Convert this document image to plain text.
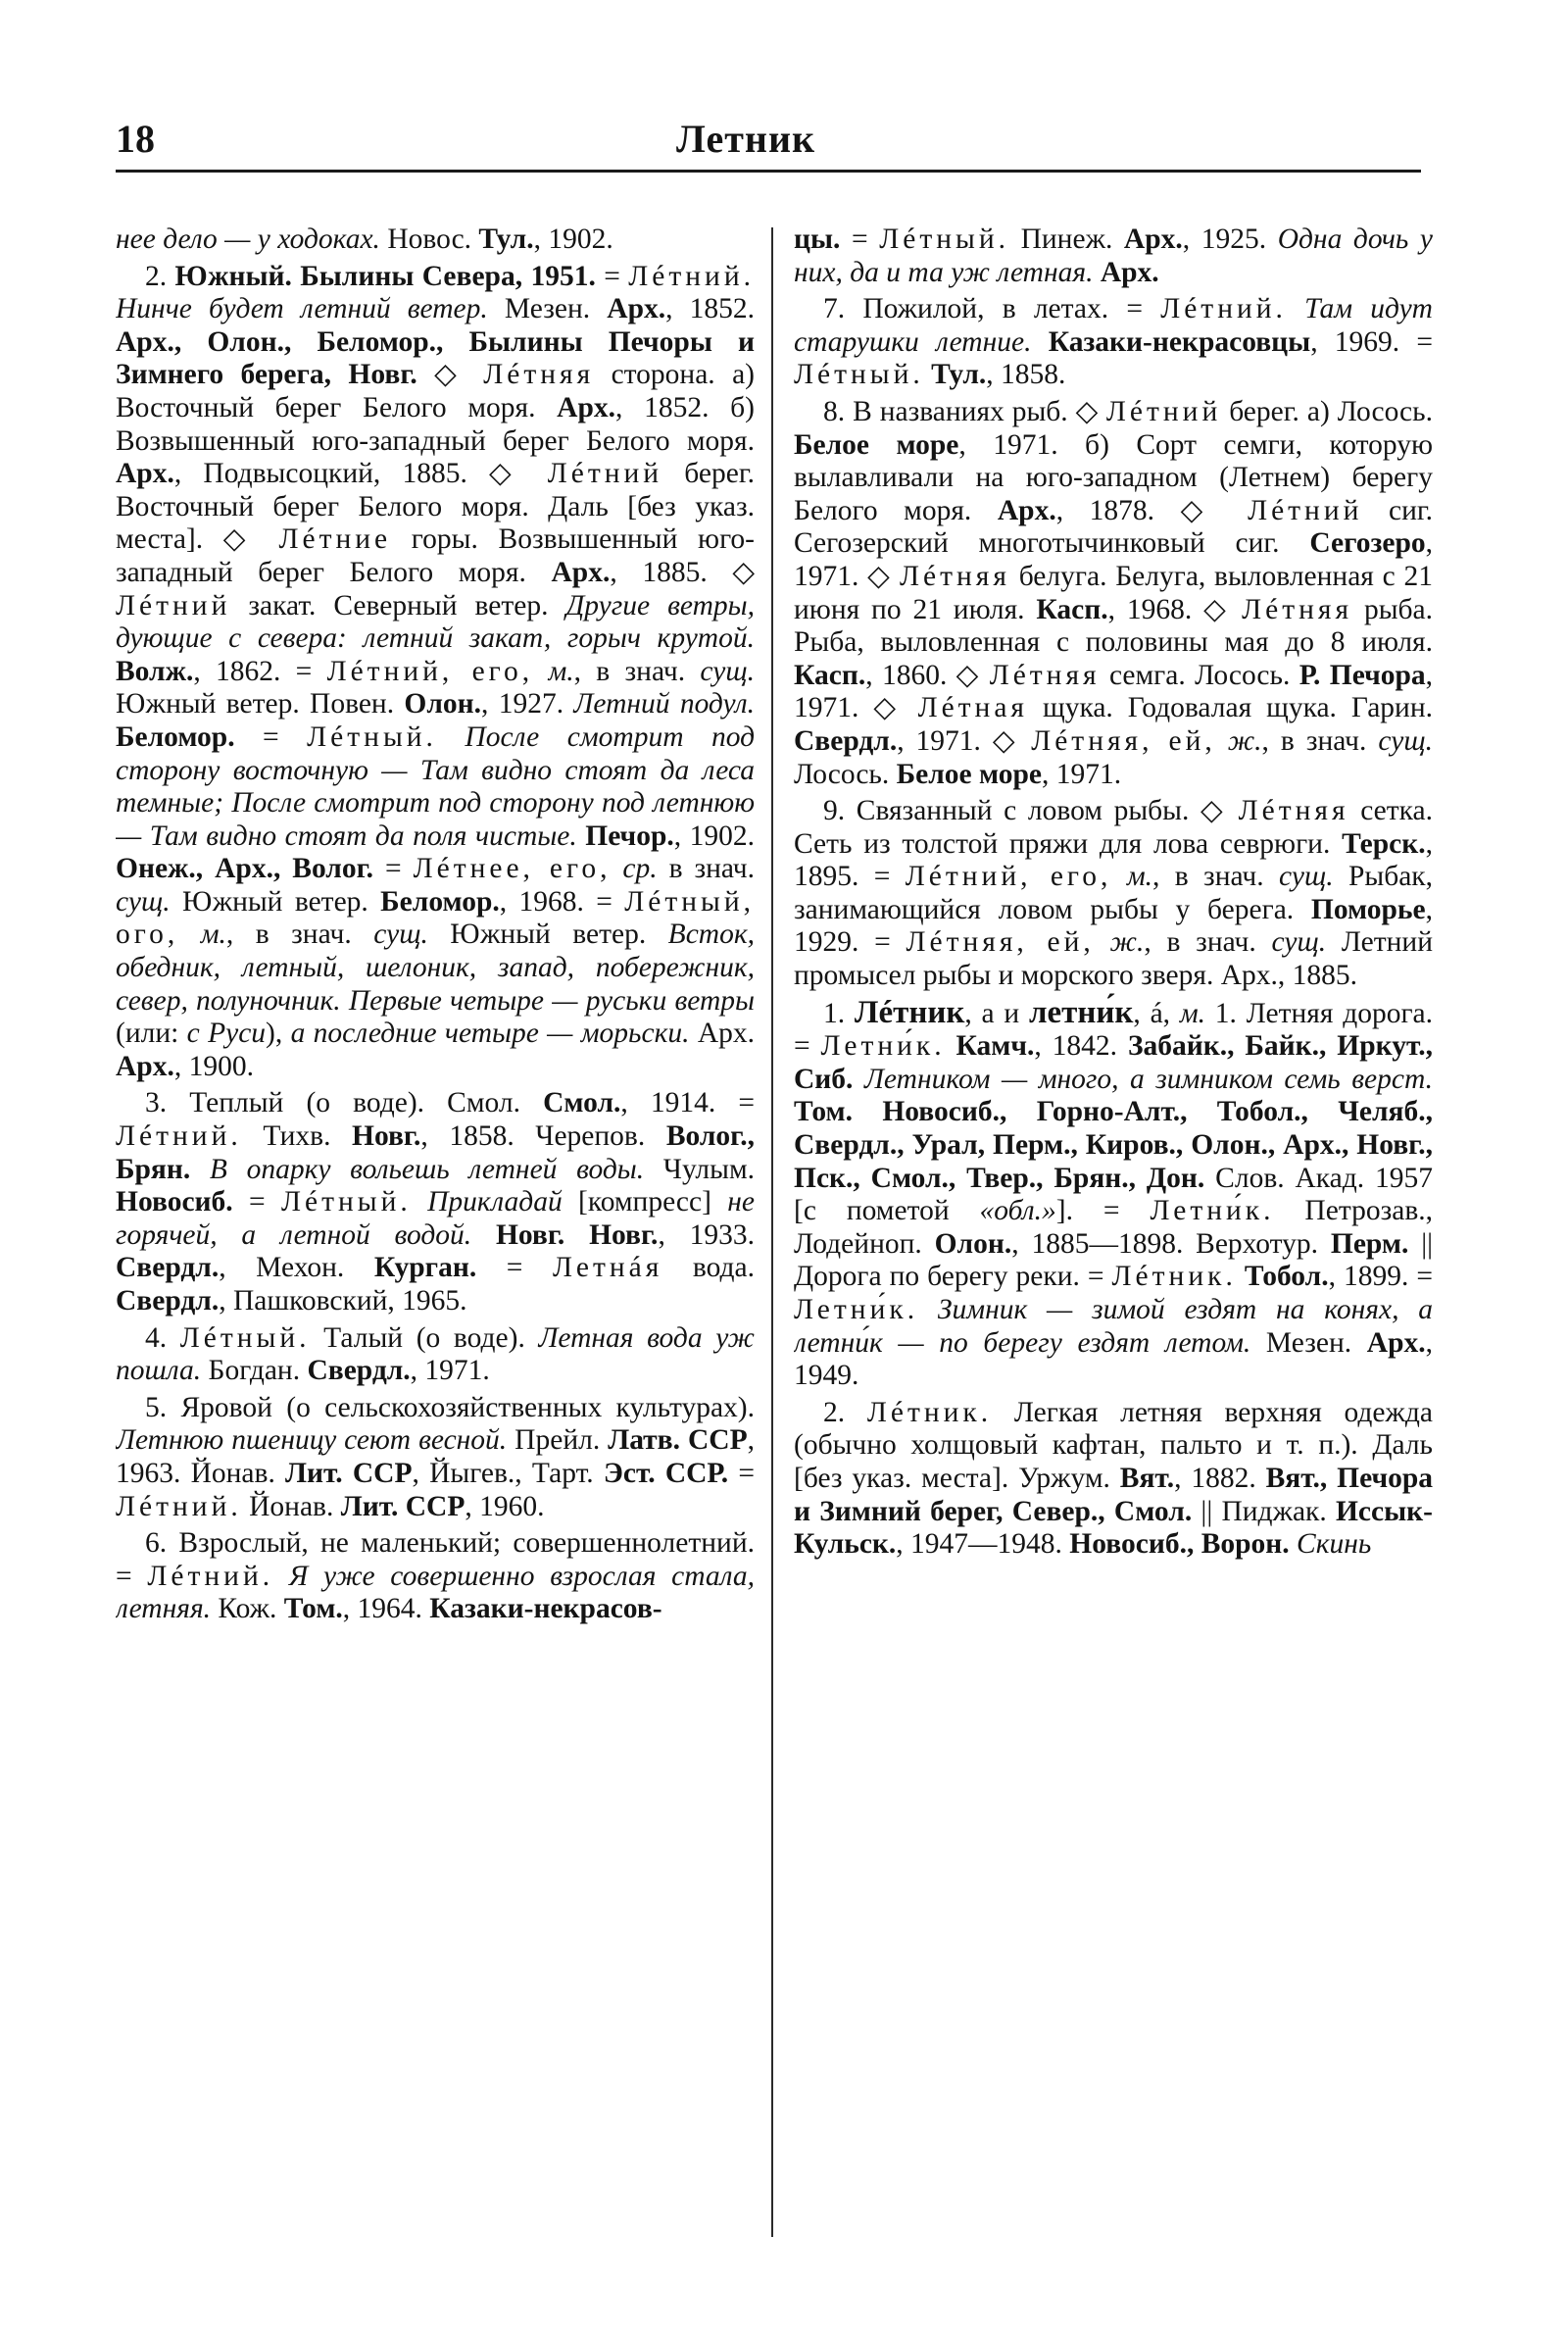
18	Летник

нее дело — у ходоках. Новос. Тул., 1902.

2. Южный. Былины Севера, 1951. = Лéтний. Нинче будет летний ветер. Мезен. Арх., 1852. Арх., Олон., Беломор., Былины Печоры и Зимнего берега, Новг. ◇ Лéтняя сторона. а) Восточный берег Белого моря. Арх., 1852. б) Возвышенный юго-западный берег Белого моря. Арх., Подвысоцкий, 1885. ◇ Лéтний берег. Восточный берег Белого моря. Даль [без указ. места]. ◇ Лéтние горы. Возвышенный юго-западный берег Белого моря. Арх., 1885. ◇ Лéтний закат. Северный ветер. Другие ветры, дующие с севера: летний закат, горыч крутой. Волж., 1862. = Лéтний, его, м., в знач. сущ. Южный ветер. Повен. Олон., 1927. Летний подул. Беломор. = Лéтный. После смотрит под сторону восточную — Там видно стоят да леса темные; После смотрит под сторону под летнюю — Там видно стоят да поля чистые. Печор., 1902. Онеж., Арх., Волог. = Лéтнее, его, ср. в знач. сущ. Южный ветер. Беломор., 1968. = Лéтный, ого, м., в знач. сущ. Южный ветер. Всток, обедник, летный, шелоник, запад, побережник, север, полуночник. Первые четыре — руськи ветры (или: с Руси), а последние четыре — морьски. Арх. Арх., 1900.

3. Теплый (о воде). Смол. Смол., 1914. = Лéтний. Тихв. Новг., 1858. Черепов. Волог., Брян. В опарку вольешь летней воды. Чулым. Новосиб. = Лéтный. Прикладай [компресс] не горячей, а летной водой. Новг. Новг., 1933. Свердл., Мехон. Курган. = Летнáя вода. Свердл., Пашковский, 1965.

4. Лéтный. Талый (о воде). Летная вода уж пошла. Богдан. Свердл., 1971.

5. Яровой (о сельскохозяйственных культурах). Летнюю пшеницу сеют весной. Прейл. Латв. ССР, 1963. Йонав. Лит. ССР, Йыгев., Тарт. Эст. ССР. = Лéтний. Йонав. Лит. ССР, 1960.

6. Взрослый, не маленький; совершеннолетний. = Лéтний. Я уже совершенно взрослая стала, летняя. Кож. Том., 1964. Казаки-некрасов-

цы. = Лéтный. Пинеж. Арх., 1925. Одна дочь у них, да и та уж летная. Арх.

7. Пожилой, в летах. = Лéтний. Там идут старушки летние. Казаки-некрасовцы, 1969. = Лéтный. Тул., 1858.

8. В названиях рыб. ◇ Лéтний берег. а) Лосось. Белое море, 1971. б) Сорт семги, которую вылавливали на юго-западном (Летнем) берегу Белого моря. Арх., 1878. ◇ Лéтний сиг. Сегозерский многотычинковый сиг. Сегозеро, 1971. ◇ Лéтняя белуга. Белуга, выловленная с 21 июня по 21 июля. Касп., 1968. ◇ Лéтняя рыба. Рыба, выловленная с половины мая до 8 июля. Касп., 1860. ◇ Лéтняя семга. Лосось. Р. Печора, 1971. ◇ Лéтная щука. Годовалая щука. Гарин. Свердл., 1971. ◇ Лéтняя, ей, ж., в знач. сущ. Лосось. Белое море, 1971.

9. Связанный с ловом рыбы. ◇ Лéтняя сетка. Сеть из толстой пряжи для лова севрюги. Терск., 1895. = Лéтний, его, м., в знач. сущ. Рыбак, занимающийся ловом рыбы у берега. Поморье, 1929. = Лéтняя, ей, ж., в знач. сущ. Летний промысел рыбы и морского зверя. Арх., 1885.

1. Лéтник, а и летни́к, á, м. 1. Летняя дорога. = Летни́к. Камч., 1842. Забайк., Байк., Иркут., Сиб. Летником — много, а зимником семь верст. Том. Новосиб., Горно-Алт., Тобол., Челяб., Свердл., Урал, Перм., Киров., Олон., Арх., Новг., Пск., Смол., Твер., Брян., Дон. Слов. Акад. 1957 [с пометой «обл.»]. = Летни́к. Петрозав., Лодейноп. Олон., 1885—1898. Верхотур. Перм. || Дорога по берегу реки. = Лéтник. Тобол., 1899. = Летни́к. Зимник — зимой ездят на конях, а летни́к — по берегу ездят летом. Мезен. Арх., 1949.

2. Лéтник. Легкая летняя верхняя одежда (обычно холщовый кафтан, пальто и т. п.). Даль [без указ. места]. Уржум. Вят., 1882. Вят., Печора и Зимний берег, Север., Смол. || Пиджак. Иссык-Кульск., 1947—1948. Новосиб., Ворон. Скинь
